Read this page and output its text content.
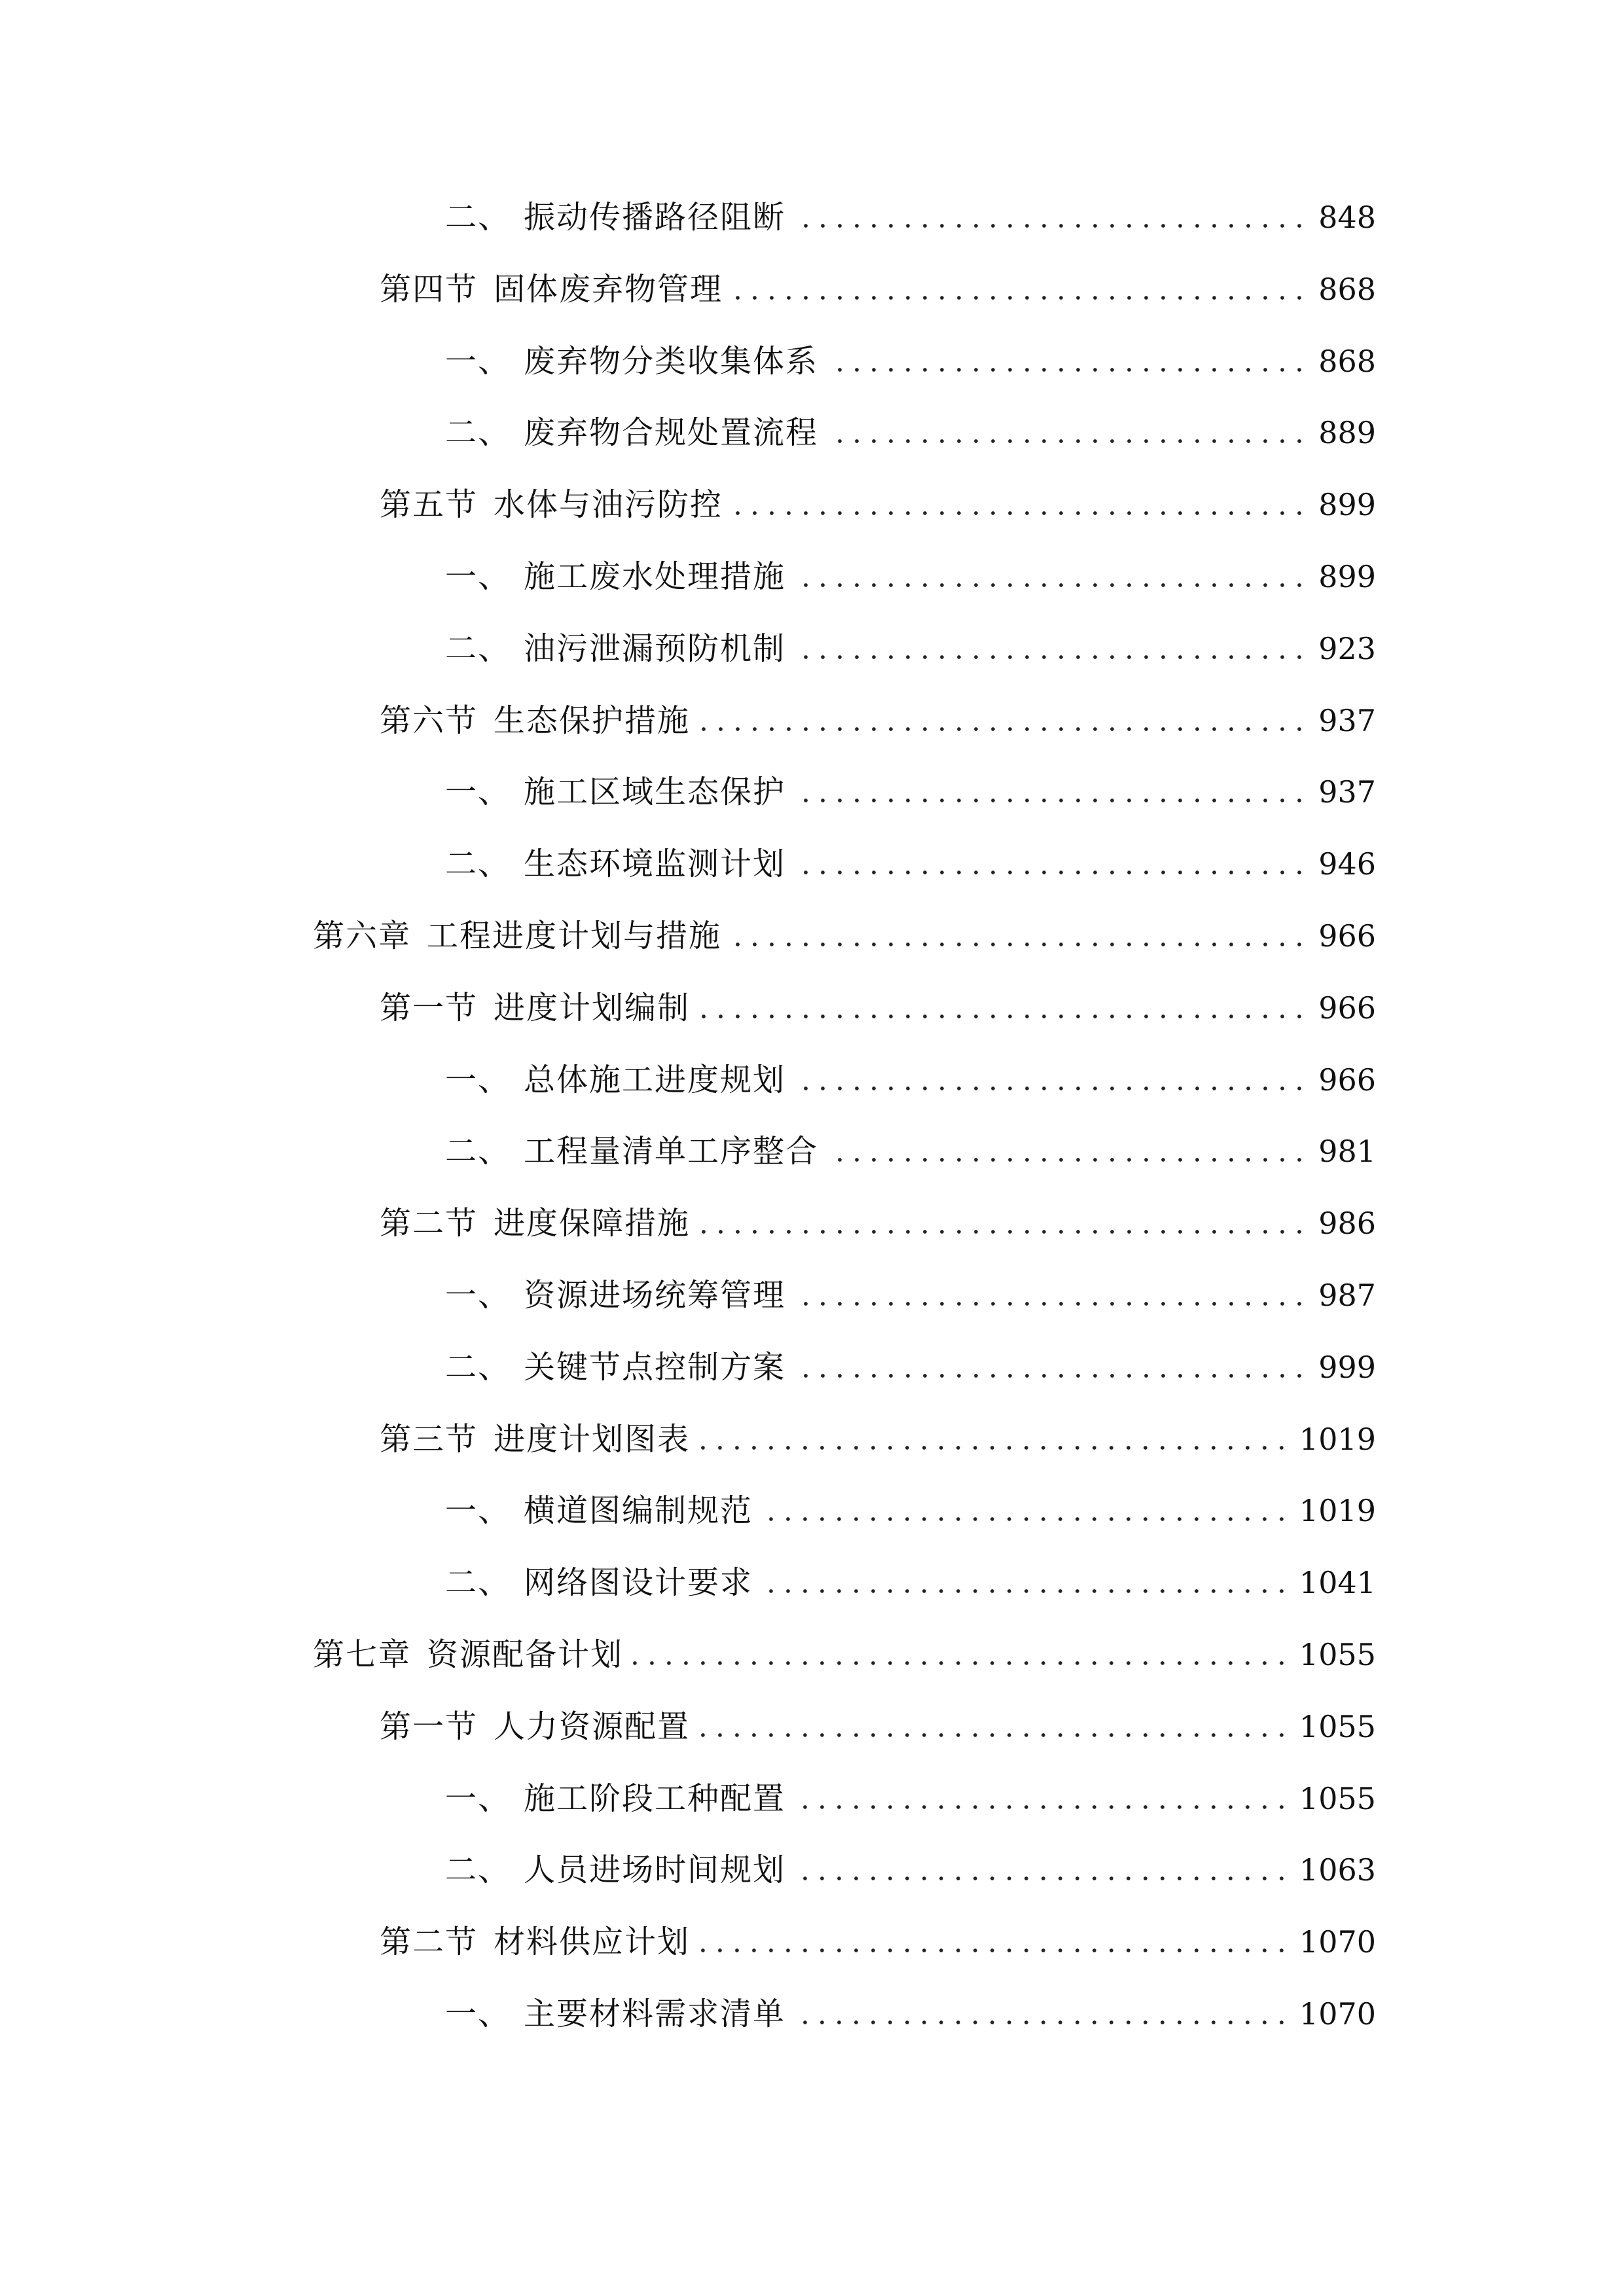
二、 振动传播路径阻断	848
第四节 固体废弃物管理	868
一、 废弃物分类收集体系	868
二、 废弃物合规处置流程	889
第五节 水体与油污防控	899
一、 施工废水处理措施	899
二、 油污泄漏预防机制	923
第六节 生态保护措施	937
一、 施工区域生态保护	937
二、 生态环境监测计划	946
第六章 工程进度计划与措施	966
第一节 进度计划编制	966
一、 总体施工进度规划	966
二、 工程量清单工序整合	981
第二节 进度保障措施	986
一、 资源进场统筹管理	987
二、 关键节点控制方案	999
第三节 进度计划图表	1019
一、 横道图编制规范	1019
二、 网络图设计要求	1041
第七章 资源配备计划	1055
第一节 人力资源配置	1055
一、 施工阶段工种配置	1055
二、 人员进场时间规划	1063
第二节 材料供应计划	1070
一、 主要材料需求清单	1070
